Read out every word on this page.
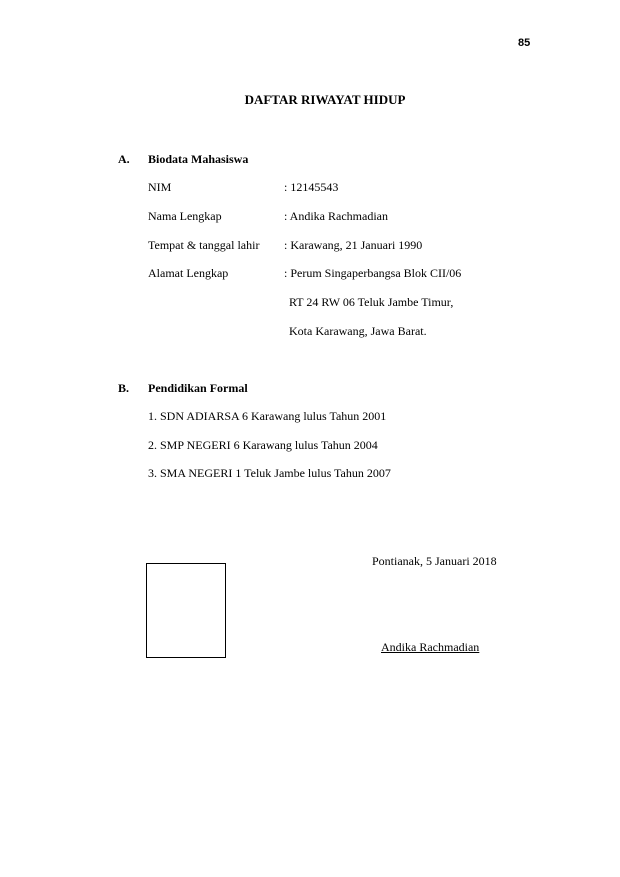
85
DAFTAR RIWAYAT HIDUP
A. Biodata Mahasiswa
NIM	: 12145543
Nama Lengkap	: Andika Rachmadian
Tempat & tanggal lahir : Karawang, 21 Januari 1990
Alamat Lengkap	: Perum Singaperbangsa Blok CII/06
RT 24 RW 06 Teluk Jambe Timur,
Kota Karawang, Jawa Barat.
B. Pendidikan Formal
1. SDN ADIARSA 6 Karawang lulus Tahun 2001
2. SMP NEGERI 6 Karawang lulus Tahun 2004
3. SMA NEGERI 1 Teluk Jambe lulus Tahun 2007
Pontianak, 5 Januari 2018
Andika Rachmadian
